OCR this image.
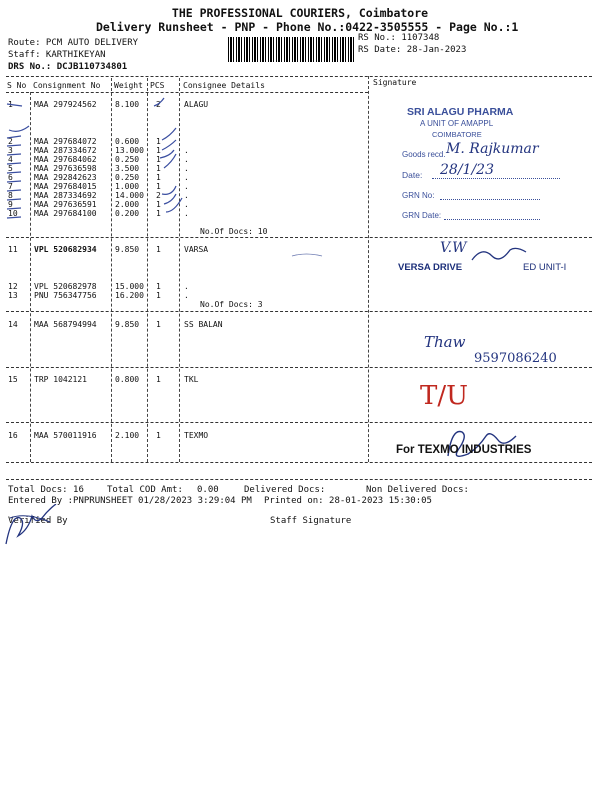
THE PROFESSIONAL COURIERS, Coimbatore
Delivery Runsheet - PNP - Phone No.:0422-3505555 - Page No.:1
Route: PCM AUTO DELIVERY
Staff: KARTHIKEYAN
DRS No.: DCJB110734801
RS No.: 1107348
RS Date: 28-Jan-2023
S No Consignment No Weight PCS Consignee Details	Signature
1	MAA 297924562 8.100 2	ALAGU
2	MAA 297684072 0.600 1
3	MAA 287334672 13.000 1	.
4	MAA 297684062 0.250 1	.
5	MAA 297636598 3.500 1	.
6	MAA 292842623 0.250 1	.
7	MAA 297684015 1.000 1	.
8	MAA 287334692 14.000 2	.
9	MAA 297636591 2.000 1	.
10 MAA 297684100 0.200 1	.
No.Of Docs: 10
11 VPL 520682934 9.850 1	VARSA
12 VPL 520682978 15.000 1	.
13 PNU 756347756 16.200 1	.
No.Of Docs: 3
14 MAA 568794994 9.850 1	SS BALAN
15 TRP 1042121	0.800 1	TKL
16 MAA 570011916 2.100 1	TEXMO
SRI ALAGU PHARMA
A UNIT OF AMAPPL
COIMBATORE
Goods recd. M. Rajkumar
Date: 28/1/23
GRN No:
GRN Date:
V.W
VERSA DRIVE	ED UNIT-I
Thaw
9597086240
T/U
For TEXMO INDUSTRIES
Total Docs: 16	Total COD Amt: 0.00	Delivered Docs:	Non Delivered Docs:
Entered By :PNPRUNSHEET 01/28/2023 3:29:04 PM Printed on: 28-01-2023 15:30:05
Verified By	Staff Signature
